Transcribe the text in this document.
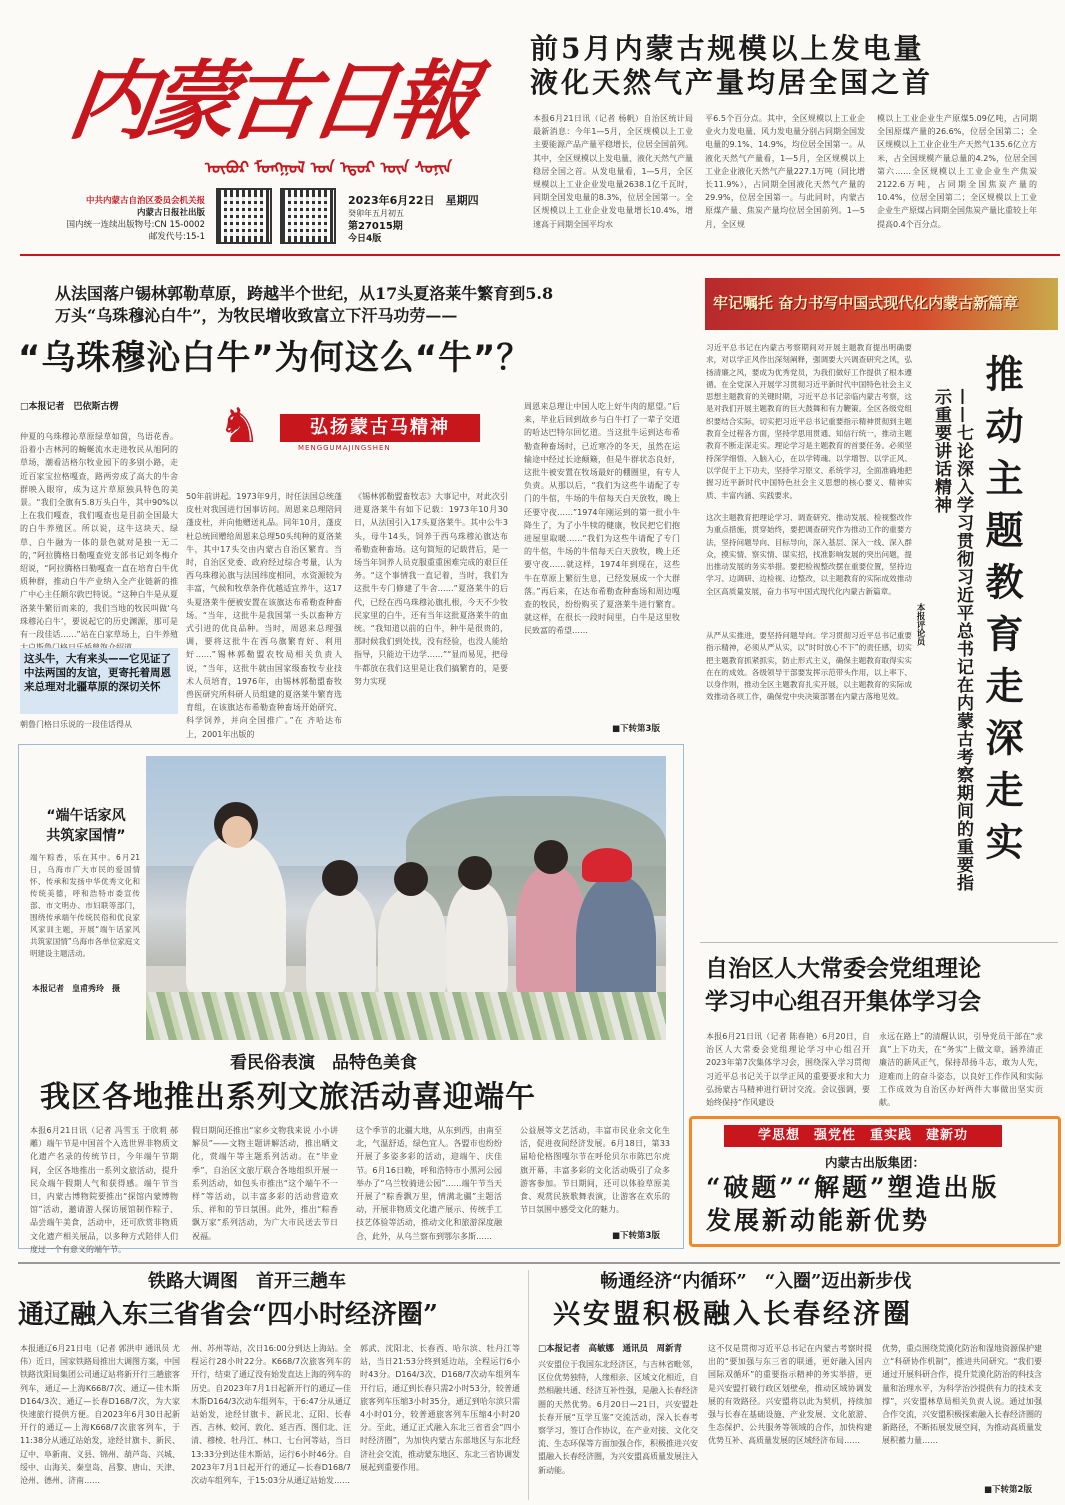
内蒙古日報
ᠦᠪᠦᠷ ᠮᠣᠩᠭᠣᠯ ᠤᠨ ᠡᠳᠦᠷ ᠦᠨ ᠰᠣᠨᠢᠨ
中共内蒙古自治区委员会机关报
内蒙古日报社出版
国内统一连续出版物号:CN 15-0002
邮发代号:15-1
2023年6月22日　星期四
癸卯年五月初五
第27015期
今日4版
前5月内蒙古规模以上发电量
液化天然气产量均居全国之首
本报6月21日讯（记者 杨帆）自治区统计局最新消息：今年1—5月，全区规模以上工业主要能源产品产量平稳增长，位居全国前列。其中，全区规模以上发电量、液化天然气产量稳居全国之首。从发电量看，1—5月，全区规模以上工业企业发电量2638.1亿千瓦时，同期全国发电量的8.3%，位居全国第一。全区规模以上工业企业发电量增长10.4%，增速高于同期全国平均水
平6.5个百分点。其中，全区规模以上工业企业火力发电量、风力发电量分别占同期全国发电量的9.1%、14.9%，均位居全国第一。从液化天然气产量看，1—5月，全区规模以上工业企业液化天然气产量227.1万吨（同比增长11.9%），占同期全国液化天然气产量的29.9%，位居全国第一。与此同时，内蒙古原煤产量、焦炭产量均位居全国前列。1—5月，全区规
模以上工业企业生产原煤5.09亿吨，占同期全国原煤产量的26.6%，位居全国第二；全区规模以上工业企业生产天然气135.6亿立方米，占全国规模产量总量的4.2%，位居全国第六……全区规模以上工业企业生产焦炭2122.6万吨，占同期全国焦炭产量的10.4%，位居全国第二；全区规模以上工业企业生产原煤占同期全国焦炭产量比重较上年提高0.4个百分点。
从法国落户锡林郭勒草原，跨越半个世纪，从17头夏洛莱牛繁育到5.8
万头“乌珠穆沁白牛”，为牧民增收致富立下汗马功劳——
“乌珠穆沁白牛”为何这么“牛”？
□本报记者　巴依斯古楞 ♞	弘扬蒙古马精神
MENGGUMAJINGSHEN
仲夏的乌珠穆沁草原绿草如茵，鸟语花香。沿着小吉林河的蜿蜒流水走进牧民从旭阿的草场，潮看洁格尔牧业园下的多别小路，走近百家宝拉格嘎查，路两旁成了高大的牛舍群映入眼帘，成为这片草原独具特色的美景。“我们全旗有5.8万头白牛，其中90%以上在我们嘎查，我们嘎查也是目前全国最大的白牛养殖区。所以说，这牛这块天、绿草、白牛融为一体的景色就对是独一无二的，”阿拉腾格日勒嘎查党支部书记刘冬梅介绍说，“阿拉腾格日勒嘎查一直在培育白牛优质种群，推动白牛产业纳入全产业链新的推广中心主任额尔敦巴特说。“这种白牛是从夏洛莱牛繁衍而来的，我们当地的牧民叫做‘乌珠穆沁白牛’，要说起它的历史渊源，那可是有一段佳话……”站在白家草场上，白牛养殖
这头牛，大有来头——它见证了中法两国的友谊，更寄托着周恩来总理对北疆草原的深切关怀
朝鲁门格日乐说的一段佳话得从
50年前讲起。1973年9月，时任法国总统蓬皮杜对我国进行国事访问。周恩来总理陪同蓬皮杜，并向他赠送礼品。同年10月，蓬皮杜总统回赠给周恩来总理50头纯种的夏洛莱牛，其中17头交由内蒙古自治区繁育。当时，自治区党委、政府经过综合考量，认为西乌珠穆沁旗与法国纬度相同，水资源较为丰富，气候和牧草条件优越适宜养牛，这17头夏洛莱牛便被安置在该旗达布希勒查种畜场。“当年，这批牛是我国第一头以畜种方式引进的优良品种。当时，周恩来总理强调，要将这批牛在西乌旗繁育好、利用好……”锡林郭勒盟农牧局相关负责人说，“当年，这批牛就由国家级畜牧专业技术人员培育，1976年，由锡林郭勒盟畜牧兽医研究所科研人员组建的夏洛莱牛繁育选育组，在该旗达布希勒查种畜场开始研究、科学饲养，并向全国推广。”在 齐哈达布 上，2001年出版的
《锡林郭勒盟畜牧志》大事记中，对此次引进夏洛莱牛有如下记载：1973年10月30日，从法国引入17头夏洛莱牛。其中公牛3头，母牛14头，饲养于西乌珠穆沁旗达布希勒查种畜场。这句简短的记载背后，是一场当年饲养人员克服重重困难完成的艰巨任务。“这个事情我一直记着，当时，我们为这批牛专门修建了牛舍……”夏洛莱牛的后代，已经在西乌珠穆沁旗扎根，今天不少牧民家里的白牛，还有当年这批夏洛莱牛的血统。“我知道以前的白牛，种牛是很贵的，那时候我们到处找，没有经验，也没人能给指导，只能边干边学……”“显而易见，把母牛都放在我们这里是让我们搞繁育的，是要努力实现
周恩来总理让中国人吃上好牛肉的愿望。”后来，毕业后回到故乡与白牛打了一辈子交道的哈达巴特尔回忆道。当这批牛运到达布希勒查种畜场时，已近寒冷的冬天，虽然在运输途中经过长途颠簸，但是牛群状态良好，这批牛被安置在牧场最好的棚圈里，有专人负责。从那以后，“我们为这些牛请配了专门的牛倌，牛场的牛倌每天白天放牧，晚上还要守夜……”1974年刚运到的第一批小牛降生了，为了小牛犊的健康，牧民把它们抱进屋里取暖……“我们为这些牛请配了专门的牛倌，牛场的牛倌每天白天放牧，晚上还要守夜……就这样，1974年到现在，这些牛在草原上繁衍生息，已经发展成一个大群落。”再后来，在达布希勒查种畜场和周边嘎查的牧民，纷纷购买了夏洛莱牛进行繁育。就这样，在很长一段时间里，白牛是这里牧民致富的希望……
■下转第3版
“端午话家风
共筑家国情”
端午粽香，乐在其中。6月21日，乌海市广大市民的爱国情怀、传承和发扬中华优秀文化和传统美德，呼和浩特市委宣传部、市文明办、市妇联等部门，围绕传承端午传统民俗和优良家风家训主题，开展“端午话家风 共筑家国情”乌海市各单位家庭文明建设主题活动。
本报记者　皇甫秀玲　摄
看民俗表演　品特色美食
我区各地推出系列文旅活动喜迎端午
本报6月21日讯（记者 冯雪玉 于欣莉 郝雕）端午节是中国首个入选世界非物质文化遗产名录的传统节日，今年端午节期间，全区各地推出一系列文旅活动，提升民众端午假期人气和获得感。端午节当日，内蒙古博物院要推出“探馆内蒙博物馆”活动，邀请游人探访展馆制作粽子、品尝端午美食，活动中，还可欣赏非物质文化遗产相关展品，以多种方式陪伴人们度过一个有意义的端午节。
假日期间还推出“家乡文物我来说 小小讲解员”——文物主题讲解活动，推出晒文化，赏端午等主题系列活动。在“毕业季”，自治区文旅厅联合各地组织开展一系列活动，如包头市推出“这个端午不一样”等活动，以丰富多彩的活动营造欢乐、祥和的节日氛围。此外，推出“粽香飘万家”系列活动，为广大市民送去节日祝福。
这个季节的北疆大地，从东到西，由南至北，气温舒适，绿色宜人。各盟市也纷纷开展了多姿多彩的活动，迎端午、庆佳节。6月16日晚，呼和浩特市小黑河公园举办了“乌兰牧骑进公园”……端午节当天开展了“粽香飘万里，情满北疆”主题活动，开展非物质文化遗产展示、传统手工技艺体验等活动，推动文化和旅游深度融合，此外，从乌兰察布到鄂尔多斯……
公益展等文艺活动，丰富市民业余文化生活，促进夜间经济发展。6月18日，第33届哈伦格图嘎尔节在呼伦贝尔市陈巴尔虎旗开幕，丰富多彩的文化活动吸引了众多游客参加。节日期间，还可以体验草原美食、观赏民族歌舞表演，让游客在欢乐的节日氛围中感受文化的魅力。
■下转第3版
牢记嘱托 奋力书写中国式现代化内蒙古新篇章
习近平总书记在内蒙古考察期间对开展主题教育提出明确要求，对以学正风作出深刻阐释，强调要大兴调查研究之风，弘扬清廉之风，要成为优秀党员，为我们做好工作提供了根本遵循。在全党深入开展学习贯彻习近平新时代中国特色社会主义思想主题教育的关键时期，习近平总书记亲临内蒙古考察，这是对我们开展主题教育的巨大鼓舞和有力鞭策。全区各级党组织要结合实际，切实把习近平总书记重要指示精神贯彻到主题教育全过程各方面，坚持学思用贯通、知信行统一，推动主题教育不断走深走实。理论学习是主题教育的首要任务。必须坚持深学细悟、入脑入心，在以学铸魂、以学增智、以学正风、以学促干上下功夫，坚持学习原文、系统学习，全面准确地把握习近平新时代中国特色社会主义思想的核心要义、精神实质、丰富内涵、实践要求。
这次主题教育把理论学习、调查研究、推动发展、检视整改作为重点措施，贯穿始终，要把调查研究作为推动工作的重要方法，坚持问题导向、目标导向，深入基层、深入一线、深入群众，摸实情、察实情、谋实招，找准影响发展的突出问题，提出推动发展的务实举措。要把检视整改摆在重要位置，坚持边学习、边调研、边检视、边整改，以主题教育的实际成效推动全区高质量发展，奋力书写中国式现代化内蒙古新篇章。
从严从实推进，要坚持问题导向。学习贯彻习近平总书记重要指示精神，必须从严从实，以“时时放心不下”的责任感，切实把主题教育抓紧抓实，防止形式主义，确保主题教育取得实实在在的成效。各级领导干部要发挥示范带头作用，以上率下、以身作则，推动全区主题教育扎实开展，以主题教育的实际成效推动各项工作，确保党中央决策部署在内蒙古落地见效。 推动主题教育走深走实
——七论深入学习贯彻习近平总书记在内蒙古考察期间的重要指示重要讲话精神
本报评论员
自治区人大常委会党组理论
学习中心组召开集体学习会
本报6月21日讯（记者 陈春艳）6月20日，自治区人大常委会党组理论学习中心组召开2023年第7次集体学习会，围绕深入学习贯彻习近平总书记关于以学正风的重要要求和大力弘扬蒙古马精神进行研讨交流。会议强调，要始终保持“作风建设
永远在路上”的清醒认识，引导党员干部在“求真”上下功夫，在“务实”上做文章，涵养清正廉洁的新风正气，保持昂扬斗志，敢为人先，迎难而上的奋斗姿态，以良好工作作风和实际工作成效为自治区办好两件大事做出坚实贡献。
学思想　强党性　重实践　建新功
内蒙古出版集团：
“破题”“解题”塑造出版
发展新动能新优势
铁路大调图　首开三趟车
通辽融入东三省省会“四小时经济圈”
本报通辽6月21日电（记者 郭洪申 通讯员 尤伟）近日，国家铁路局推出大调图方案，中国铁路沈阳局集团公司通辽站将新开行三趟旅客列车，通辽—上海K668/7次、通辽—佳木斯D164/3次、通辽—长春D168/7次，为大家快速旅行提供方便。自2023年6月30日起新开行的通辽—上海K668/7次旅客列车，于11:38分从通辽站始发，途经甘旗卡、新民、辽中、阜新南、义县、锦州、葫芦岛、兴城、绥中、山海关、秦皇岛、昌黎、唐山、天津、沧州、德州、济南……
州、苏州等站，次日16:00分到达上海站。全程运行28小时22分。K668/7次旅客列车的开行，结束了通辽没有始发直达上海的列车的历史。自2023年7月1日起新开行的通辽—佳木斯D164/3次动车组列车，于6:47分从通辽站始发，途经甘旗卡、新民北、辽阳、长春西、吉林、蛟河、敦化、延吉西、图们北、汪清、穆棱、牡丹江、林口、七台河等站，当日13:33分到达佳木斯站，运行6小时46分。自2023年7月1日起开行的通辽—长春D168/7次动车组列车，于15:03分从通辽站始发……
郭武、沈阳北、长春西、哈尔滨、牡丹江等站，当日21:53分终到延边站，全程运行6小时43分。D164/3次、D168/7次动车组列车开行后，通辽到长春只需2小时53分，较普通旅客列车压缩3小时35分，通辽到哈尔滨只需4小时01分，较普通旅客列车压缩4小时20分。至此，通辽正式融入东北三省省会“四小时经济圈”，为加快内蒙古东部地区与东北经济社会交流，推动蒙东地区、东北三省协调发展起到重要作用。
畅通经济“内循环”　“入圈”迈出新步伐
兴安盟积极融入长春经济圈
□本报记者　高敏娜　通讯员　周新青
兴安盟位于我国东北经济区，与吉林省毗邻，区位优势独特，人缘相亲、区域文化相近，自然相融共通、经济互补性强，是融入长春经济圈的天然优势。6月20日—21日，兴安盟赴长春开展“互学互鉴”交流活动，深入长春考察学习，签订合作协议，在产业对接、文化交流、生态环保等方面加强合作，积极推进兴安盟融入长春经济圈，为兴安盟高质量发展注入新动能。
这不仅是贯彻习近平总书记在内蒙古考察时提出的“要加强与东三省的联通，更好融入国内国际双循环”的重要指示精神的务实举措，更是兴安盟打破行政区划壁垒，推动区域协调发展的有效路径。兴安盟将以此为契机，持续加强与长春在基础设施、产业发展、文化旅游、生态保护、公共服务等领域的合作，加快构建优势互补、高质量发展的区域经济布局……
优势，重点围绕荒漠化防治和湿地资源保护建立“科研协作机制”，推进共同研究。“我们要通过开展科研合作，提升荒漠化防治的科技含量和治理水平，为科学治沙提供有力的技术支撑”，兴安盟林草局相关负责人说。通过加强合作交流，兴安盟积极探索融入长春经济圈的新路径，不断拓展发展空间，为推动高质量发展积蓄力量……
■下转第2版
